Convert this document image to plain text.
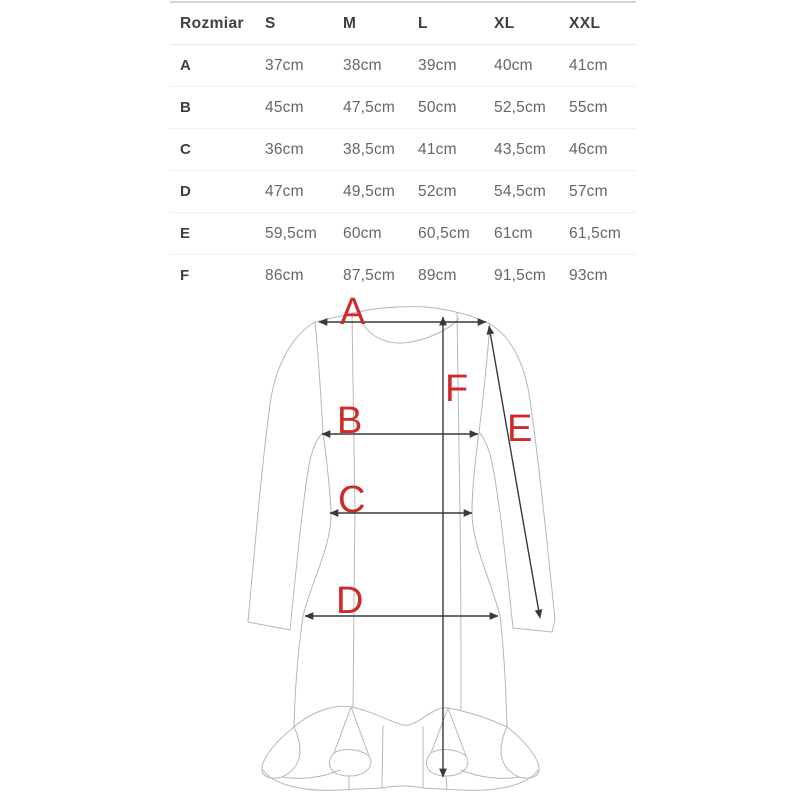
Rozmiar	S	M	L	XL	XXL
A	37cm	38cm	39cm	40cm	41cm
B	45cm	47,5cm	50cm	52,5cm	55cm
C	36cm	38,5cm	41cm	43,5cm	46cm
D	47cm	49,5cm	52cm	54,5cm	57cm
E	59,5cm	60cm	60,5cm	61cm	61,5cm
F	86cm	87,5cm	89cm	91,5cm	93cm
A
B
C
D
E
F
